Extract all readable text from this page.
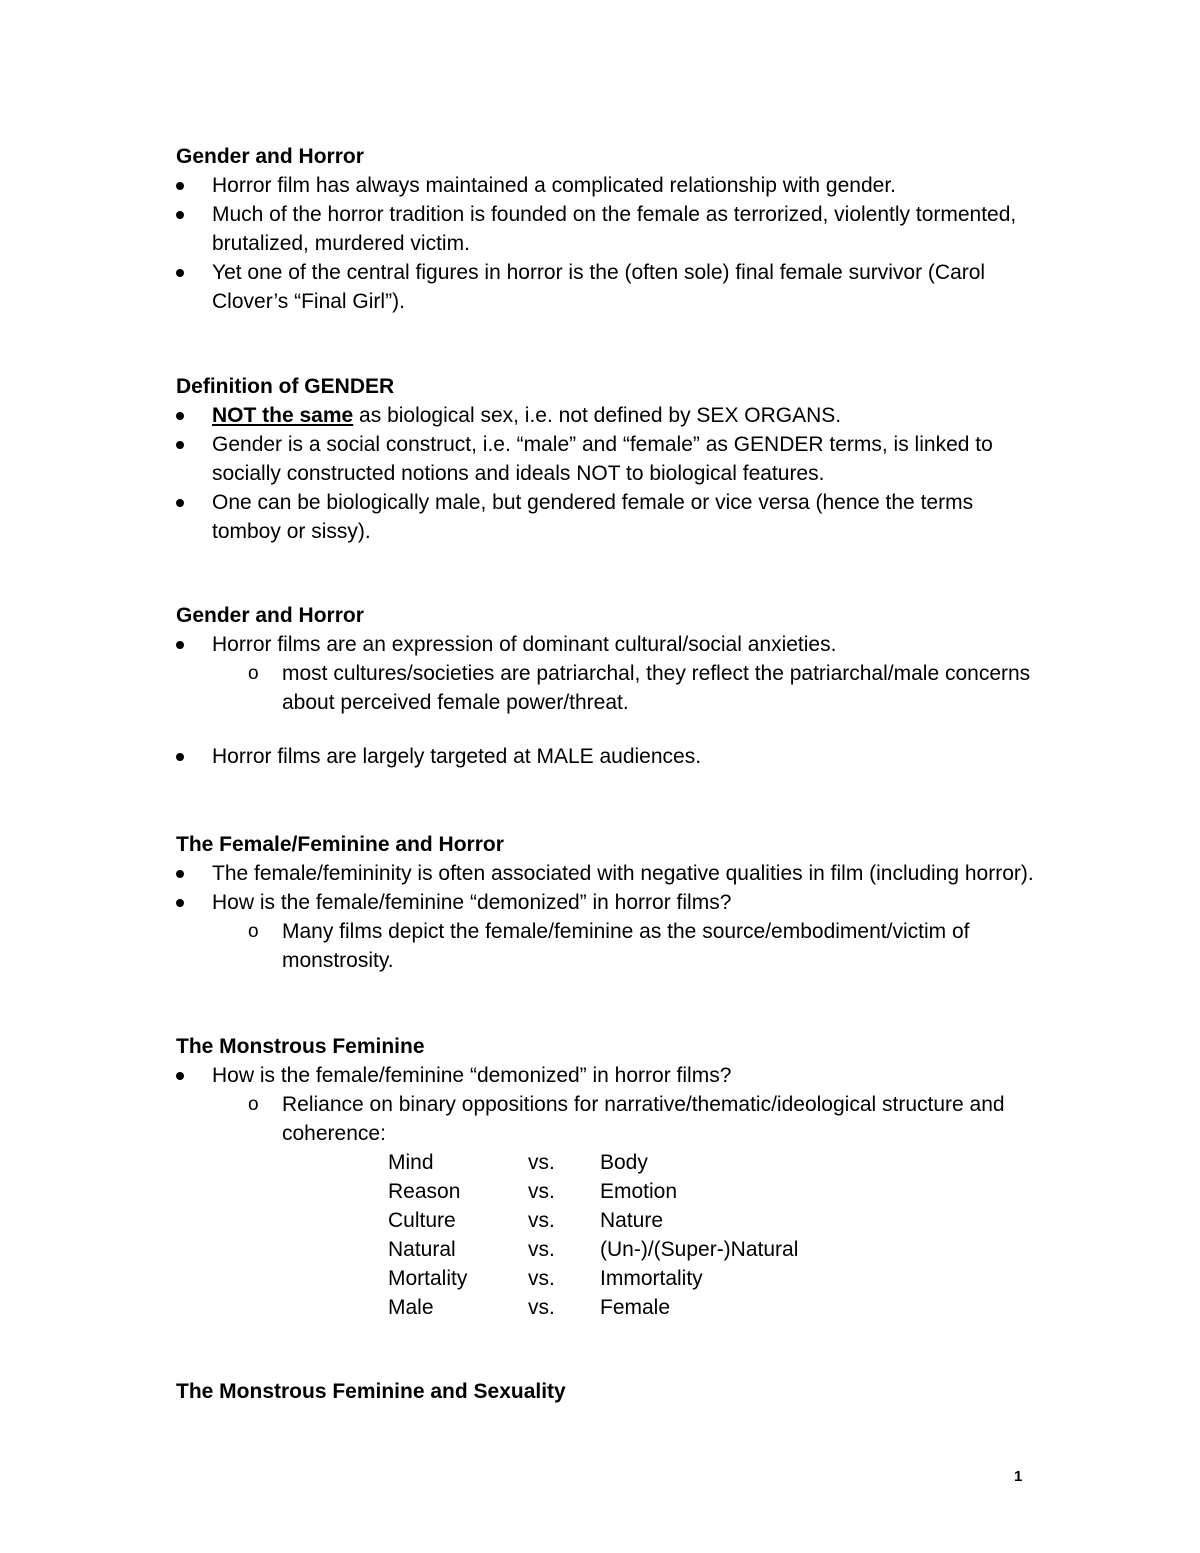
Gender and Horror
Horror film has always maintained a complicated relationship with gender.
Much of the horror tradition is founded on the female as terrorized, violently tormented, brutalized, murdered victim.
Yet one of the central figures in horror is the (often sole) final female survivor (Carol Clover’s “Final Girl”).
Definition of GENDER
NOT the same as biological sex, i.e. not defined by SEX ORGANS.
Gender is a social construct, i.e. “male” and “female” as GENDER terms, is linked to socially constructed notions and ideals NOT to biological features.
One can be biologically male, but gendered female or vice versa (hence the terms tomboy or sissy).
Gender and Horror
Horror films are an expression of dominant cultural/social anxieties.
o most cultures/societies are patriarchal, they reflect the patriarchal/male concerns about perceived female power/threat.
Horror films are largely targeted at MALE audiences.
The Female/Feminine and Horror
The female/femininity is often associated with negative qualities in film (including horror).
How is the female/feminine “demonized” in horror films?
o Many films depict the female/feminine as the source/embodiment/victim of monstrosity.
The Monstrous Feminine
How is the female/feminine “demonized” in horror films?
o Reliance on binary oppositions for narrative/thematic/ideological structure and coherence:
Mind	vs.	Body
Reason	vs.	Emotion
Culture	vs.	Nature
Natural	vs.	(Un-)/(Super-)Natural
Mortality	vs.	Immortality
Male	vs.	Female
The Monstrous Feminine and Sexuality
1
